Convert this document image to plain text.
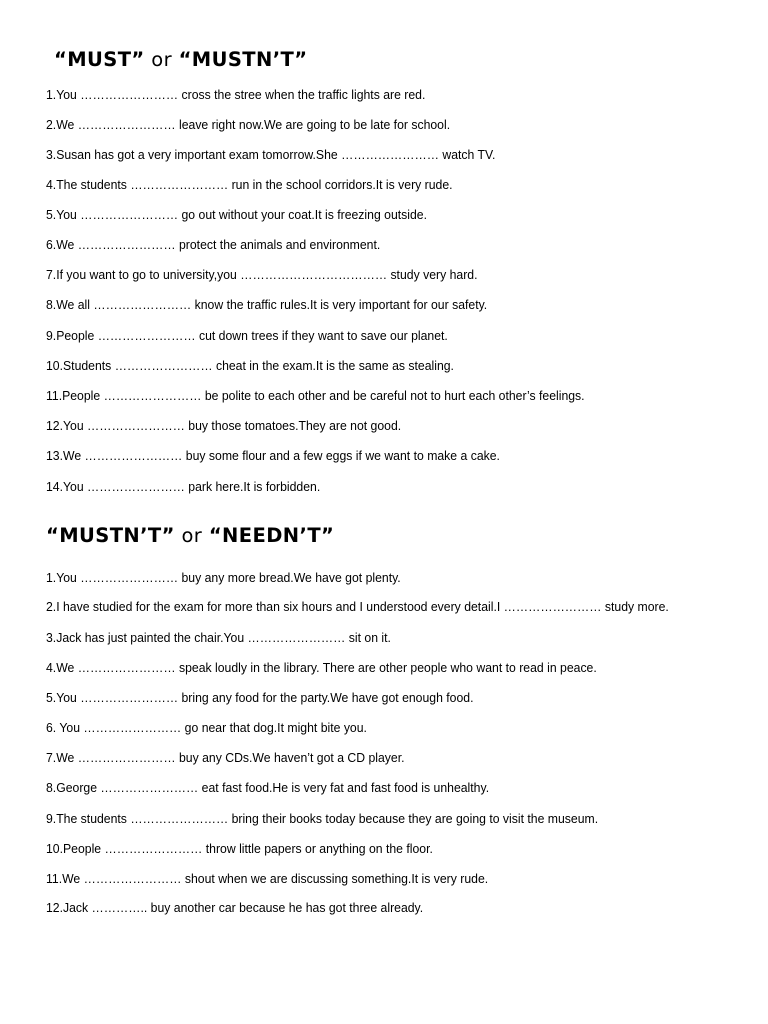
“MUST” or “MUSTN’T”
1.You …………………… cross the stree when the traffic lights are red.
2.We …………………… leave right now.We are going to be late for school.
3.Susan has got a very important exam tomorrow.She …………………… watch TV.
4.The students …………………… run in the school corridors.It is very rude.
5.You …………………… go out without your coat.It is freezing outside.
6.We …………………… protect the animals and environment.
7.If you want to go to university,you ……………………………… study very hard.
8.We all …………………… know the traffic rules.It is very important for our safety.
9.People …………………… cut down trees if they want to save our planet.
10.Students …………………… cheat in the exam.It is the same as stealing.
11.People …………………… be polite to each other and be careful not to hurt each other’s feelings.
12.You …………………… buy those tomatoes.They are not good.
13.We …………………… buy some flour and a few eggs if we want to make a cake.
14.You …………………… park here.It is forbidden.
“MUSTN’T” or “NEEDN’T”
1.You …………………… buy any more bread.We have got plenty.
2.I have studied for the exam for more than six hours and I understood every detail.I …………………… study more.
3.Jack has just painted the chair.You …………………… sit on it.
4.We …………………… speak loudly in the library. There are other people who want to read in peace.
5.You …………………… bring any food for the party.We have got enough food.
6. You …………………… go near that dog.It might bite you.
7.We …………………… buy any CDs.We haven’t got a CD player.
8.George …………………… eat fast food.He is very fat and fast food is unhealthy.
9.The students …………………… bring their books today because they are going to visit the museum.
10.People …………………… throw little papers or anything on the floor.
11.We …………………… shout when we are discussing something.It is very rude.
12.Jack ………….. buy another car because he has got three already.
